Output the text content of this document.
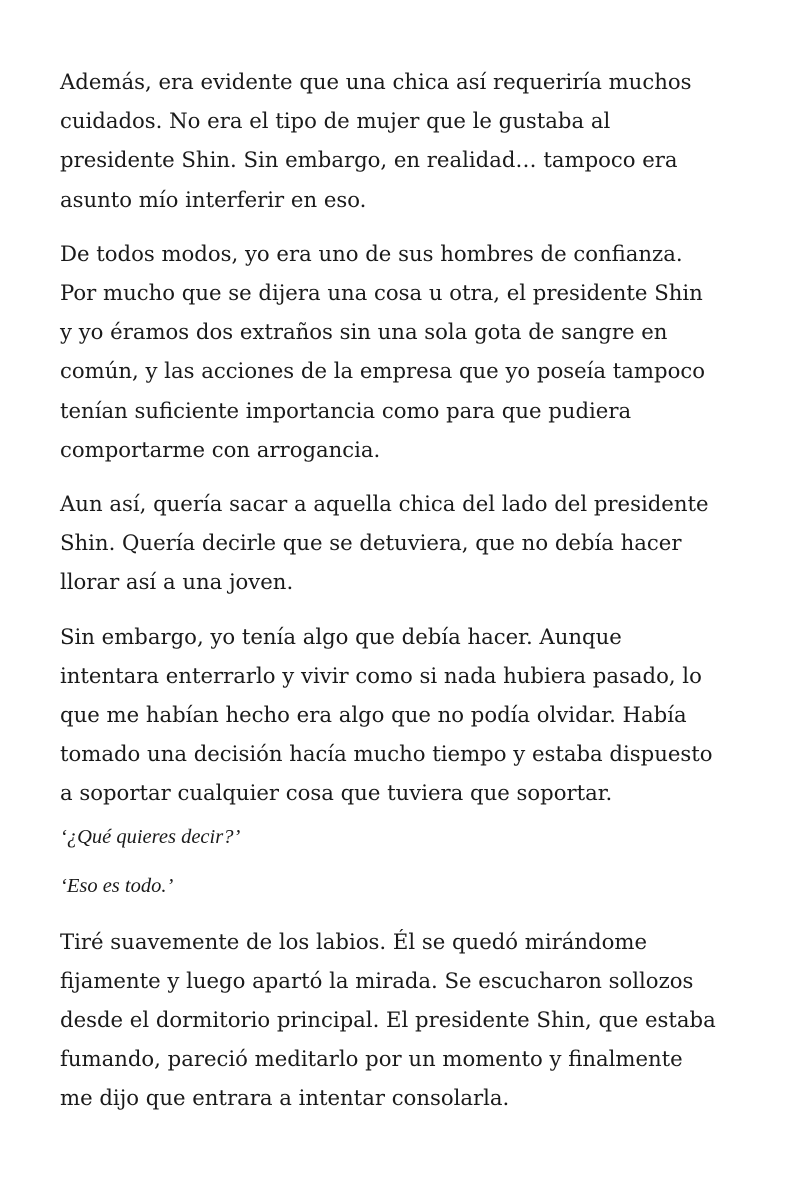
Además, era evidente que una chica así requeriría muchos
cuidados. No era el tipo de mujer que le gustaba al
presidente Shin. Sin embargo, en realidad… tampoco era
asunto mío interferir en eso.

De todos modos, yo era uno de sus hombres de confianza.
Por mucho que se dijera una cosa u otra, el presidente Shin
y yo éramos dos extraños sin una sola gota de sangre en
común, y las acciones de la empresa que yo poseía tampoco
tenían suficiente importancia como para que pudiera
comportarme con arrogancia.

Aun así, quería sacar a aquella chica del lado del presidente
Shin. Quería decirle que se detuviera, que no debía hacer
llorar así a una joven.

Sin embargo, yo tenía algo que debía hacer. Aunque
intentara enterrarlo y vivir como si nada hubiera pasado, lo
que me habían hecho era algo que no podía olvidar. Había
tomado una decisión hacía mucho tiempo y estaba dispuesto
a soportar cualquier cosa que tuviera que soportar.

‘¿Qué quieres decir?’

‘Eso es todo.’

Tiré suavemente de los labios. Él se quedó mirándome
fijamente y luego apartó la mirada. Se escucharon sollozos
desde el dormitorio principal. El presidente Shin, que estaba
fumando, pareció meditarlo por un momento y finalmente
me dijo que entrara a intentar consolarla.
